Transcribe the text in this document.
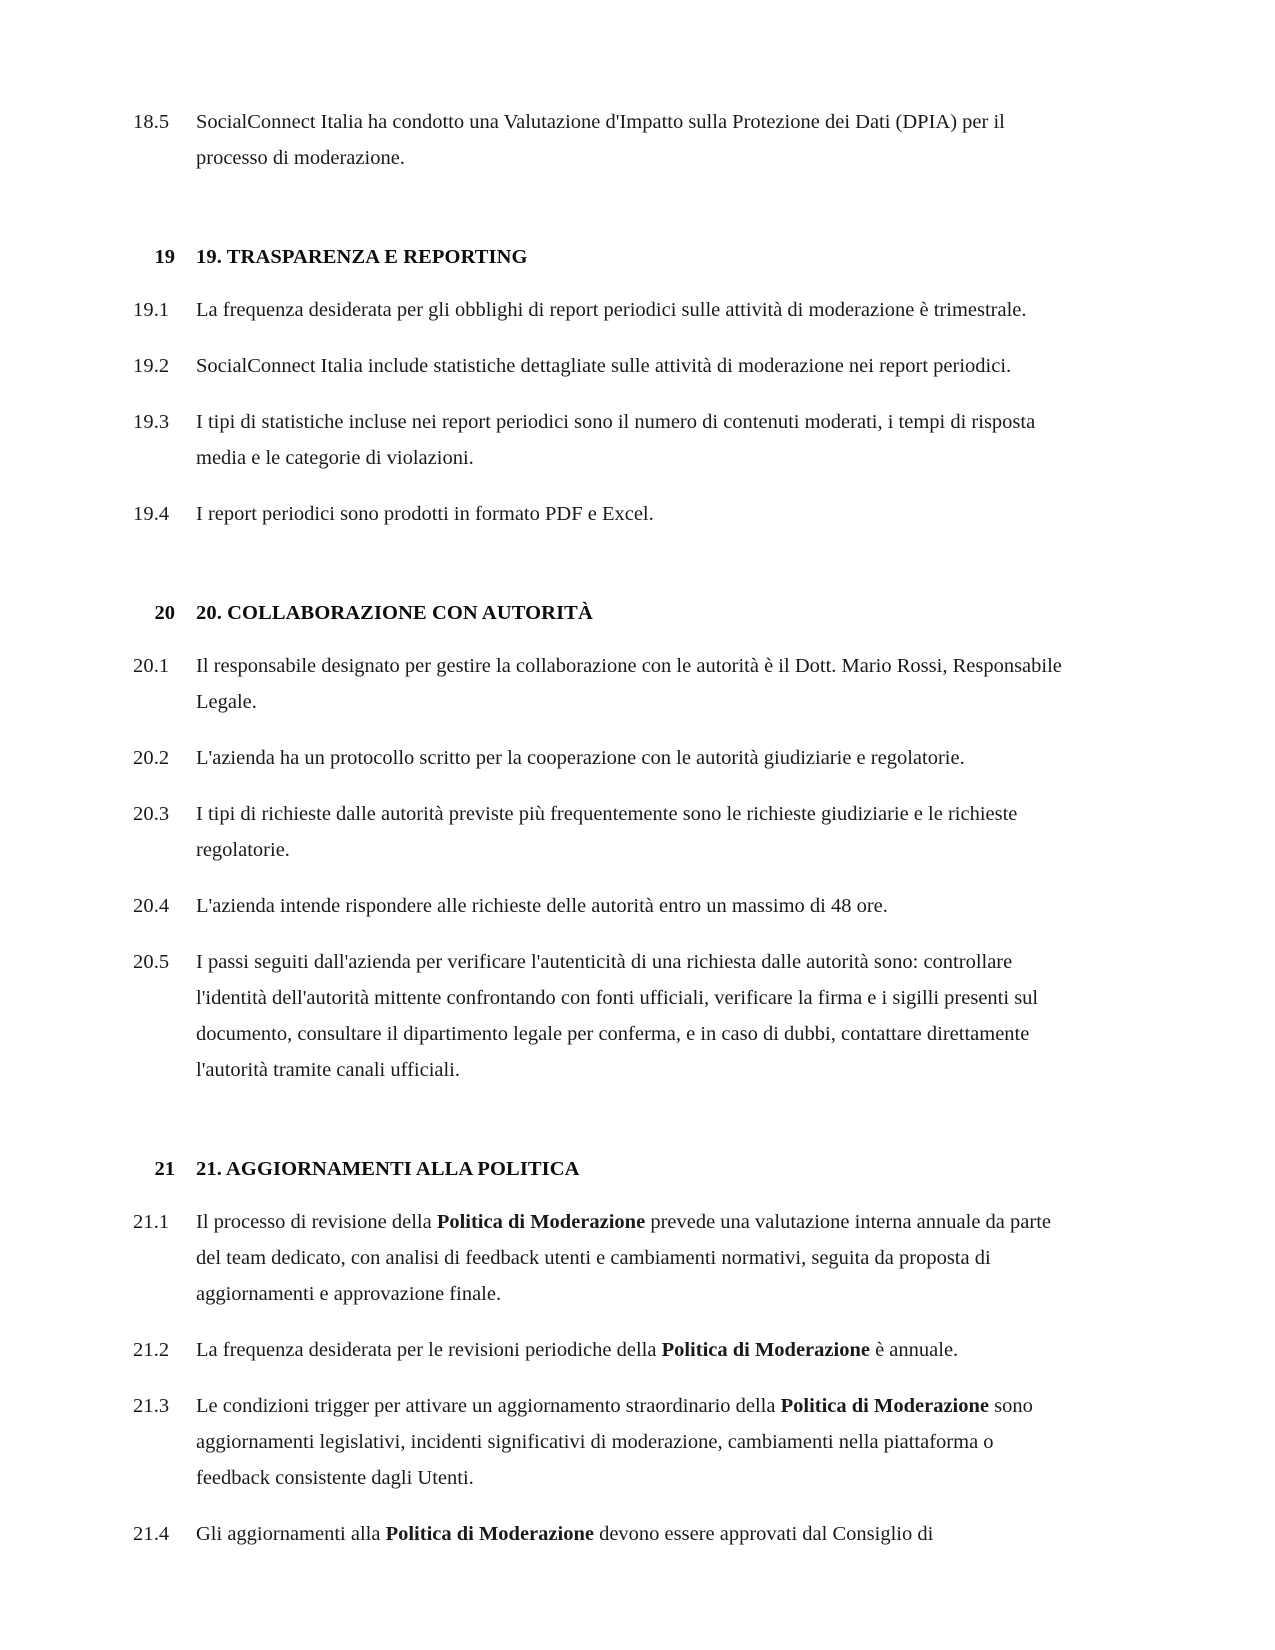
18.5	SocialConnect Italia ha condotto una Valutazione d'Impatto sulla Protezione dei Dati (DPIA) per il processo di moderazione.
19	19. TRASPARENZA E REPORTING
19.1	La frequenza desiderata per gli obblighi di report periodici sulle attività di moderazione è trimestrale.
19.2	SocialConnect Italia include statistiche dettagliate sulle attività di moderazione nei report periodici.
19.3	I tipi di statistiche incluse nei report periodici sono il numero di contenuti moderati, i tempi di risposta media e le categorie di violazioni.
19.4	I report periodici sono prodotti in formato PDF e Excel.
20	20. COLLABORAZIONE CON AUTORITÀ
20.1	Il responsabile designato per gestire la collaborazione con le autorità è il Dott. Mario Rossi, Responsabile Legale.
20.2	L'azienda ha un protocollo scritto per la cooperazione con le autorità giudiziarie e regolatorie.
20.3	I tipi di richieste dalle autorità previste più frequentemente sono le richieste giudiziarie e le richieste regolatorie.
20.4	L'azienda intende rispondere alle richieste delle autorità entro un massimo di 48 ore.
20.5	I passi seguiti dall'azienda per verificare l'autenticità di una richiesta dalle autorità sono: controllare l'identità dell'autorità mittente confrontando con fonti ufficiali, verificare la firma e i sigilli presenti sul documento, consultare il dipartimento legale per conferma, e in caso di dubbi, contattare direttamente l'autorità tramite canali ufficiali.
21	21. AGGIORNAMENTI ALLA POLITICA
21.1	Il processo di revisione della Politica di Moderazione prevede una valutazione interna annuale da parte del team dedicato, con analisi di feedback utenti e cambiamenti normativi, seguita da proposta di aggiornamenti e approvazione finale.
21.2	La frequenza desiderata per le revisioni periodiche della Politica di Moderazione è annuale.
21.3	Le condizioni trigger per attivare un aggiornamento straordinario della Politica di Moderazione sono aggiornamenti legislativi, incidenti significativi di moderazione, cambiamenti nella piattaforma o feedback consistente dagli Utenti.
21.4	Gli aggiornamenti alla Politica di Moderazione devono essere approvati dal Consiglio di
